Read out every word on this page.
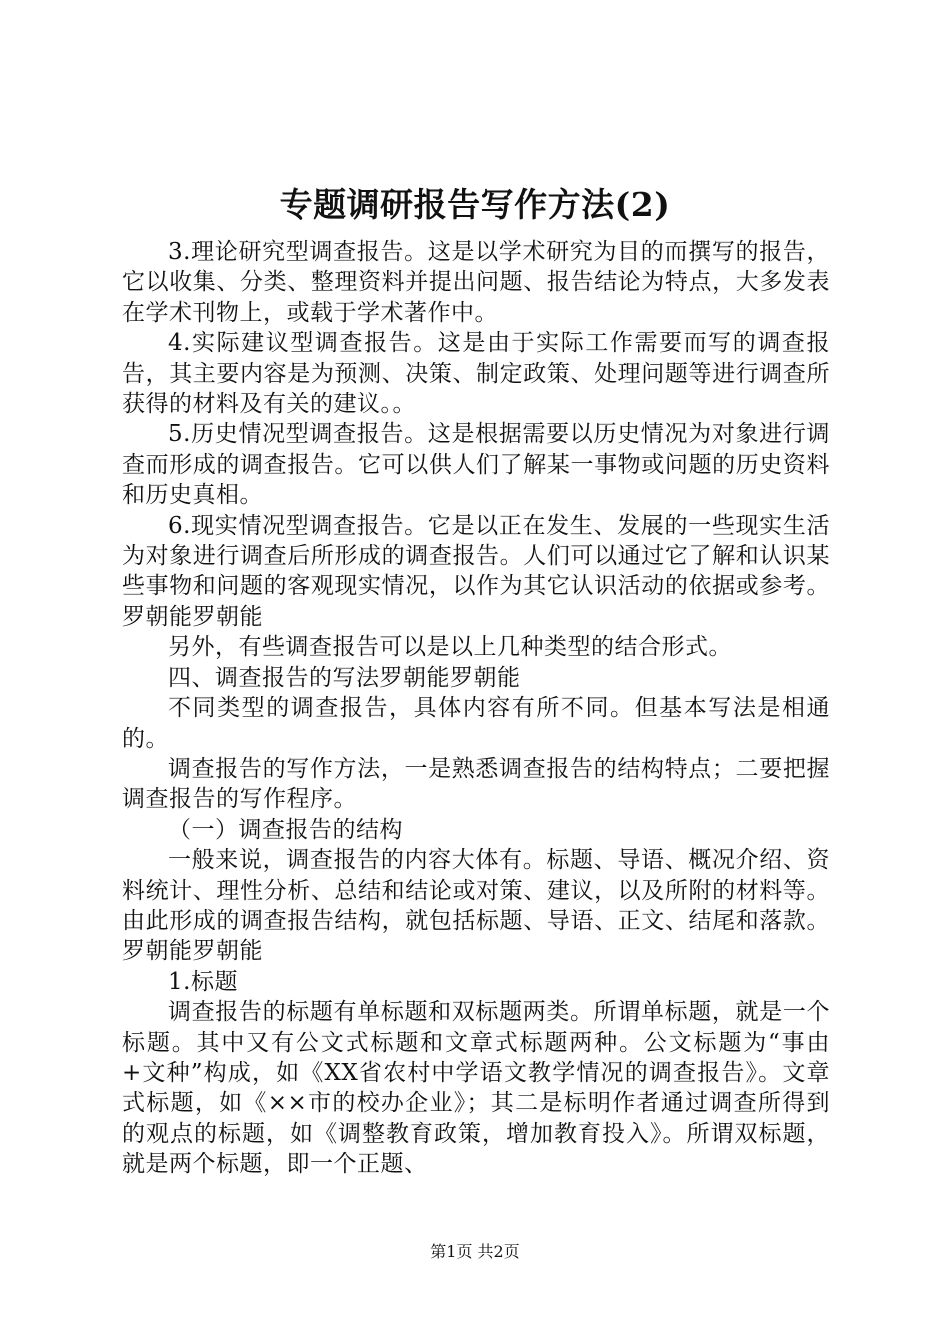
专题调研报告写作方法(2)

3.理论研究型调查报告。这是以学术研究为目的而撰写的报告，它以收集、分类、整理资料并提出问题、报告结论为特点，大多发表在学术刊物上，或载于学术著作中。

4.实际建议型调查报告。这是由于实际工作需要而写的调查报告，其主要内容是为预测、决策、制定政策、处理问题等进行调查所获得的材料及有关的建议。。

5.历史情况型调查报告。这是根据需要以历史情况为对象进行调查而形成的调查报告。它可以供人们了解某一事物或问题的历史资料和历史真相。

6.现实情况型调查报告。它是以正在发生、发展的一些现实生活为对象进行调查后所形成的调查报告。人们可以通过它了解和认识某些事物和问题的客观现实情况，以作为其它认识活动的依据或参考。罗朝能罗朝能

另外，有些调查报告可以是以上几种类型的结合形式。

四、调查报告的写法罗朝能罗朝能

不同类型的调查报告，具体内容有所不同。但基本写法是相通的。

调查报告的写作方法，一是熟悉调查报告的结构特点；二要把握调查报告的写作程序。

（一）调查报告的结构

一般来说，调查报告的内容大体有。标题、导语、概况介绍、资料统计、理性分析、总结和结论或对策、建议，以及所附的材料等。由此形成的调查报告结构，就包括标题、导语、正文、结尾和落款。罗朝能罗朝能

1.标题

调查报告的标题有单标题和双标题两类。所谓单标题，就是一个标题。其中又有公文式标题和文章式标题两种。公文标题为“事由+文种”构成，如《XX省农村中学语文教学情况的调查报告》。文章式标题，如《××市的校办企业》；其二是标明作者通过调查所得到的观点的标题，如《调整教育政策，增加教育投入》。所谓双标题，就是两个标题，即一个正题、

第1页 共2页
